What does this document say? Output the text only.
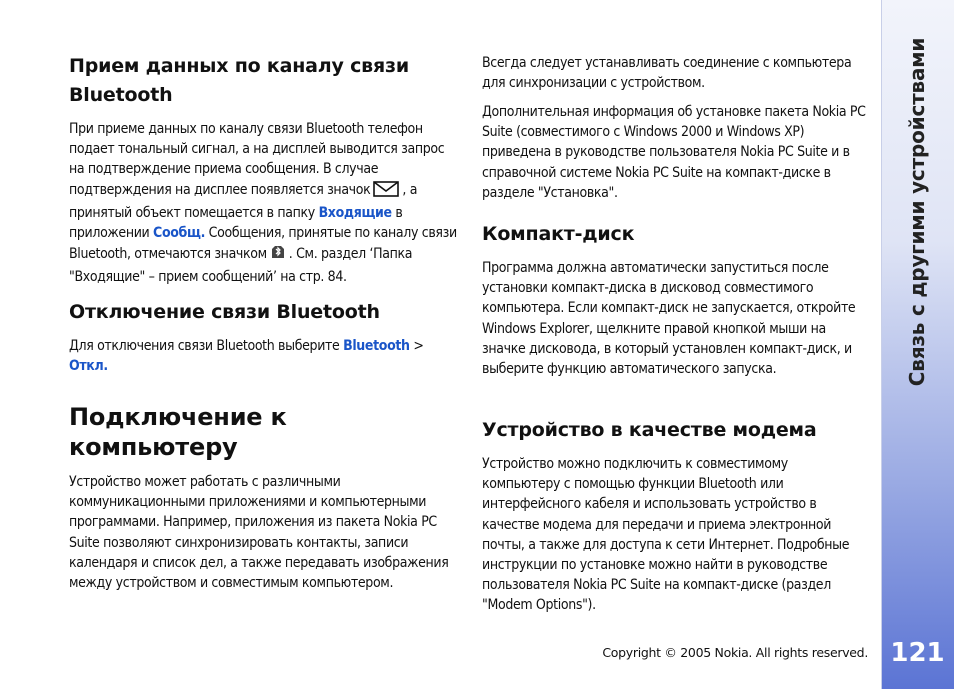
Прием данных по каналу связи Bluetooth

При приеме данных по каналу связи Bluetooth телефон подает тональный сигнал, а на дисплей выводится запрос на подтверждение приема сообщения. В случае подтверждения на дисплее появляется значок , а принятый объект помещается в папку Входящие в приложении Сообщ. Сообщения, принятые по каналу связи Bluetooth, отмечаются значком . См. раздел ‘Папка "Входящие" – прием сообщений’ на стр. 84.

Отключение связи Bluetooth

Для отключения связи Bluetooth выберите Bluetooth > Откл.

Подключение к компьютеру

Устройство может работать с различными коммуникационными приложениями и компьютерными программами. Например, приложения из пакета Nokia PC Suite позволяют синхронизировать контакты, записи календаря и список дел, а также передавать изображения между устройством и совместимым компьютером.

Всегда следует устанавливать соединение с компьютера для синхронизации с устройством.

Дополнительная информация об установке пакета Nokia PC Suite (совместимого с Windows 2000 и Windows XP) приведена в руководстве пользователя Nokia PC Suite и в справочной системе Nokia PC Suite на компакт-диске в разделе "Установка".

Компакт-диск

Программа должна автоматически запуститься после установки компакт-диска в дисковод совместимого компьютера. Если компакт-диск не запускается, откройте Windows Explorer, щелкните правой кнопкой мыши на значке дисковода, в который установлен компакт-диск, и выберите функцию автоматического запуска.

Устройство в качестве модема

Устройство можно подключить к совместимому компьютеру с помощью функции Bluetooth или интерфейсного кабеля и использовать устройство в качестве модема для передачи и приема электронной почты, а также для доступа к сети Интернет. Подробные инструкции по установке можно найти в руководстве пользователя Nokia PC Suite на компакт-диске (раздел "Modem Options").

Copyright © 2005 Nokia. All rights reserved.
Связь с другими устройствами
121
